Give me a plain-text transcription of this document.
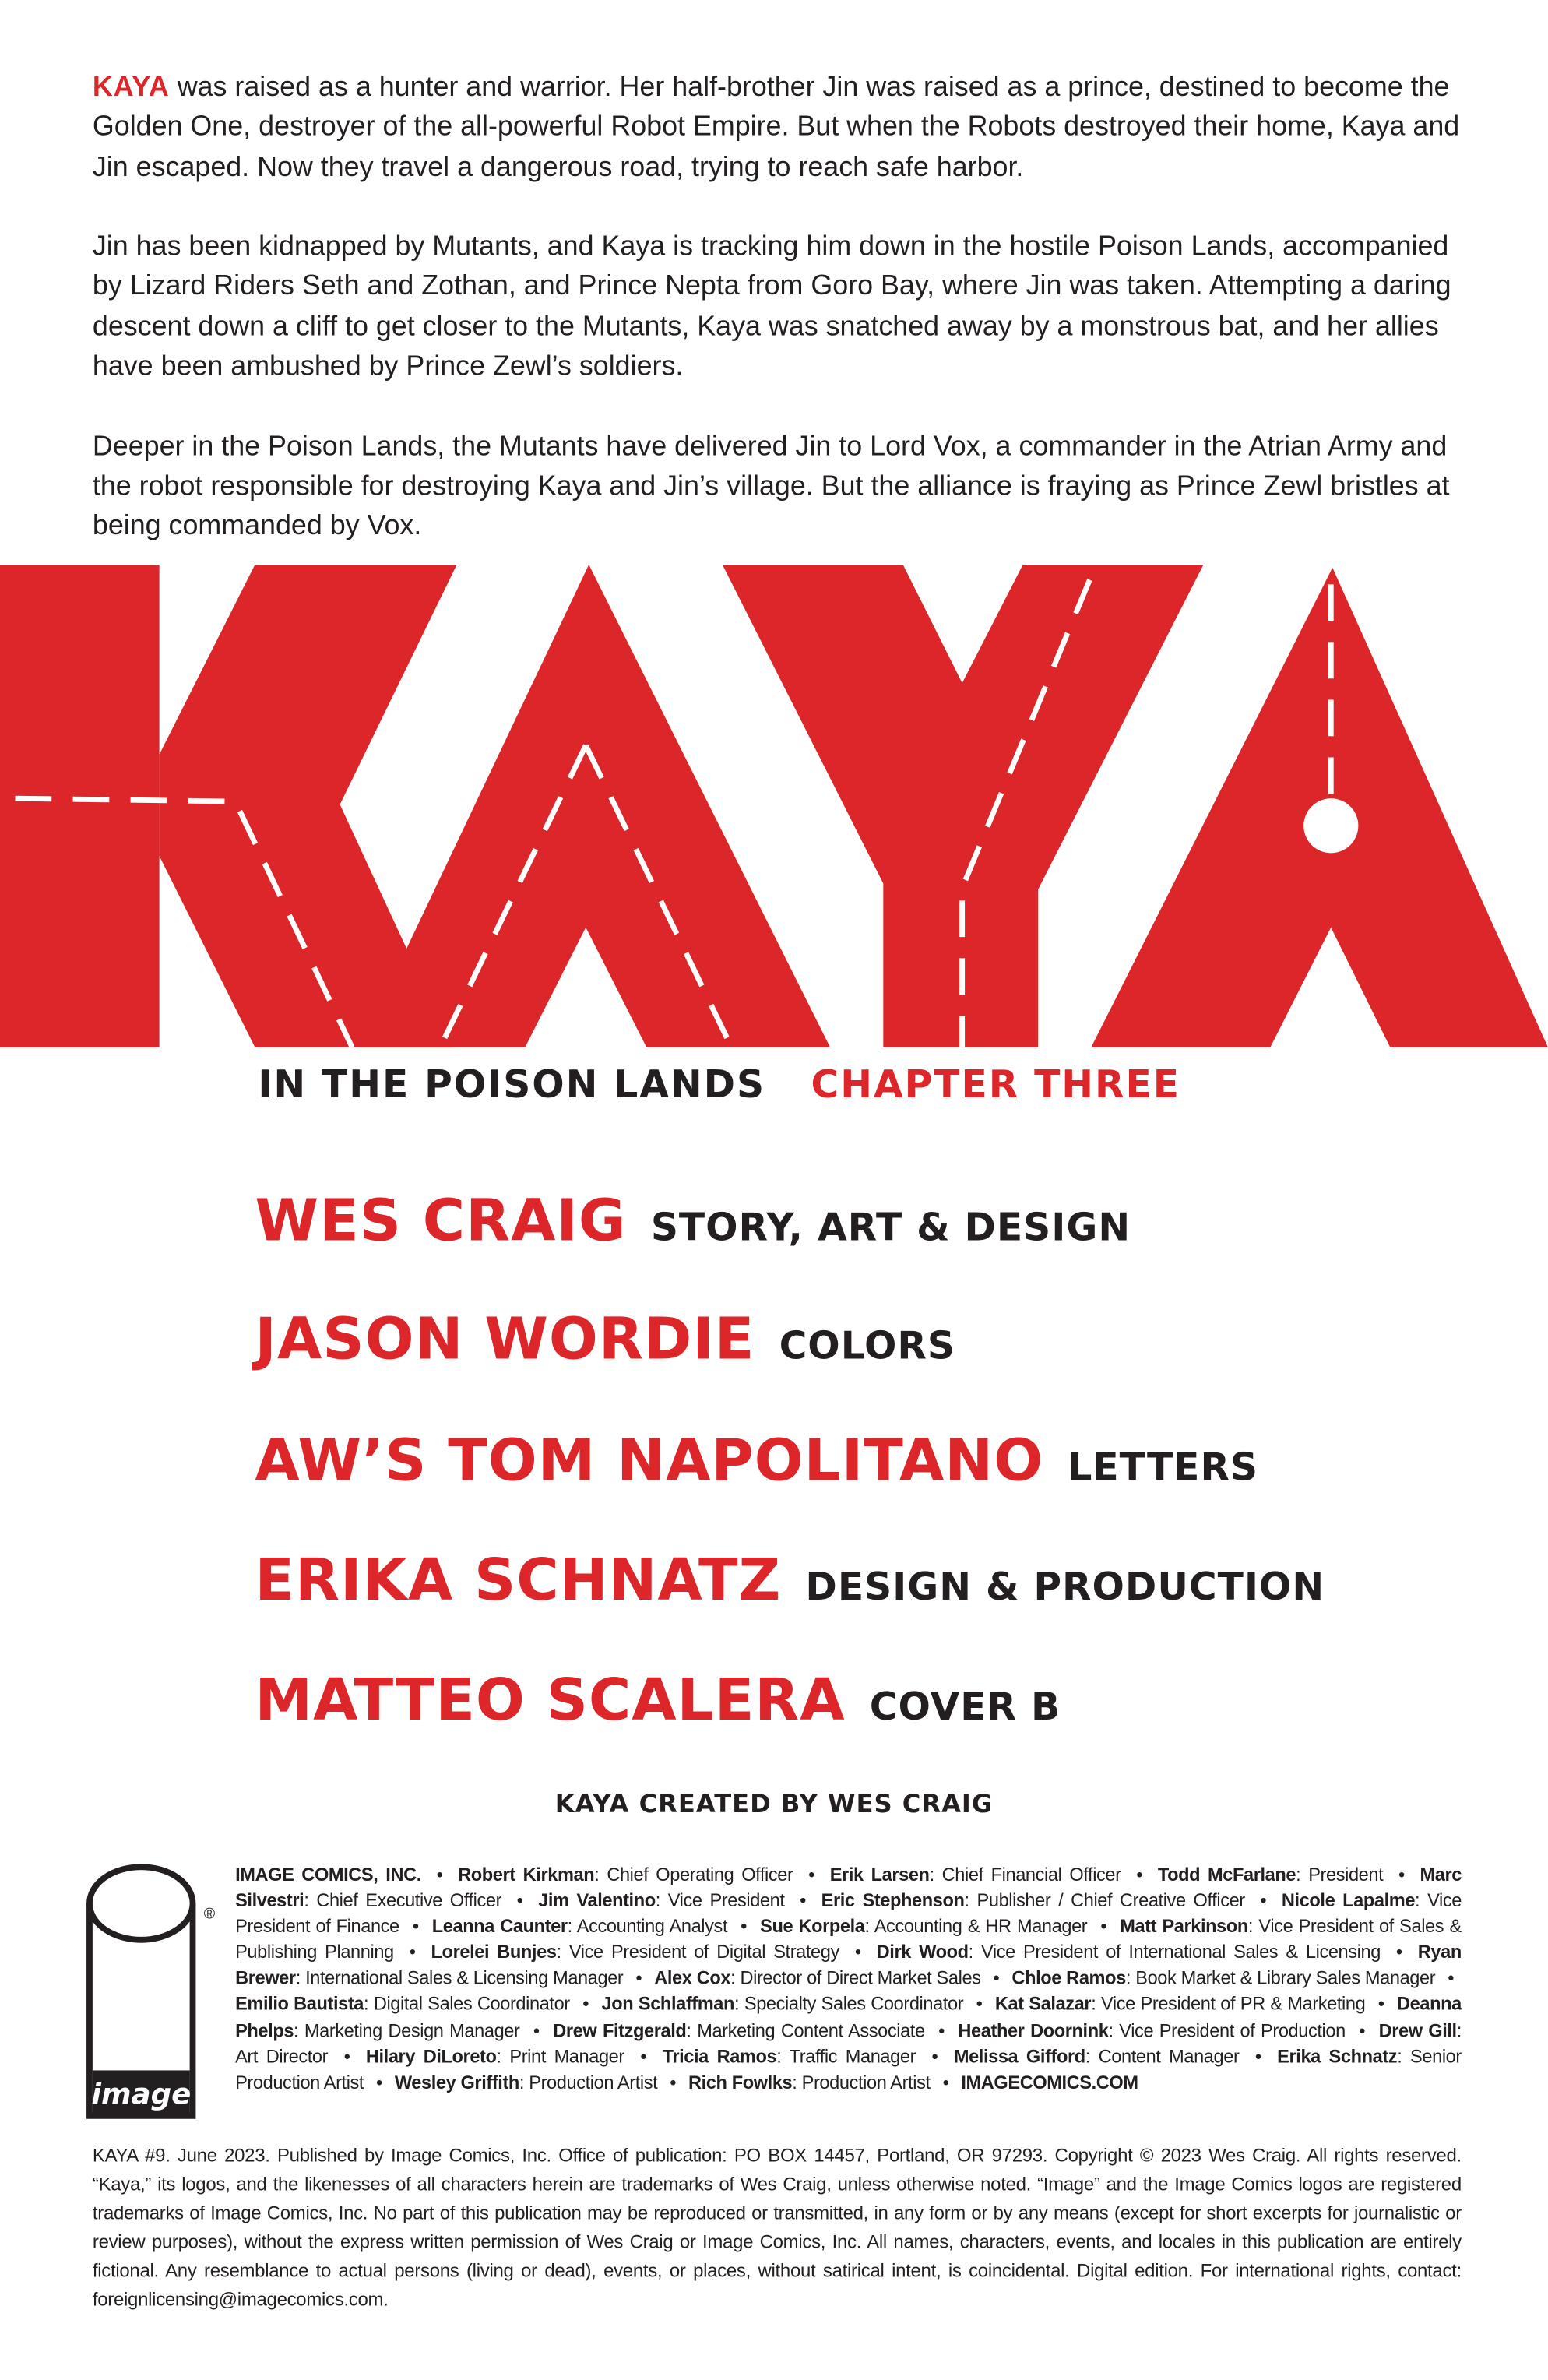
KAYA was raised as a hunter and warrior. Her half-brother Jin was raised as a prince, destined to become the Golden One, destroyer of the all-powerful Robot Empire. But when the Robots destroyed their home, Kaya and Jin escaped. Now they travel a dangerous road, trying to reach safe harbor.

Jin has been kidnapped by Mutants, and Kaya is tracking him down in the hostile Poison Lands, accompanied by Lizard Riders Seth and Zothan, and Prince Nepta from Goro Bay, where Jin was taken. Attempting a daring descent down a cliff to get closer to the Mutants, Kaya was snatched away by a monstrous bat, and her allies have been ambushed by Prince Zewl’s soldiers.

Deeper in the Poison Lands, the Mutants have delivered Jin to Lord Vox, a commander in the Atrian Army and the robot responsible for destroying Kaya and Jin’s village. But the alliance is fraying as Prince Zewl bristles at being commanded by Vox.

IN THE POISON LANDS CHAPTER THREE
WES CRAIG STORY, ART & DESIGN
JASON WORDIE COLORS
AW’S TOM NAPOLITANO LETTERS
ERIKA SCHNATZ DESIGN & PRODUCTION
MATTEO SCALERA COVER B
KAYA CREATED BY WES CRAIG
image
®
IMAGE COMICS, INC. • Robert Kirkman: Chief Operating Officer • Erik Larsen: Chief Financial Officer • Todd McFarlane: President • Marc Silvestri: Chief Executive Officer • Jim Valentino: Vice President • Eric Stephenson: Publisher / Chief Creative Officer • Nicole Lapalme: Vice President of Finance • Leanna Caunter: Accounting Analyst • Sue Korpela: Accounting & HR Manager • Matt Parkinson: Vice President of Sales & Publishing Planning • Lorelei Bunjes: Vice President of Digital Strategy • Dirk Wood: Vice President of International Sales & Licensing • Ryan Brewer: International Sales & Licensing Manager • Alex Cox: Director of Direct Market Sales • Chloe Ramos: Book Market & Library Sales Manager • Emilio Bautista: Digital Sales Coordinator • Jon Schlaffman: Specialty Sales Coordinator • Kat Salazar: Vice President of PR & Marketing • Deanna Phelps: Marketing Design Manager • Drew Fitzgerald: Marketing Content Associate • Heather Doornink: Vice President of Production • Drew Gill: Art Director • Hilary DiLoreto: Print Manager • Tricia Ramos: Traffic Manager • Melissa Gifford: Content Manager • Erika Schnatz: Senior Production Artist • Wesley Griffith: Production Artist • Rich Fowlks: Production Artist • IMAGECOMICS.COM
KAYA #9. June 2023. Published by Image Comics, Inc. Office of publication: PO BOX 14457, Portland, OR 97293. Copyright © 2023 Wes Craig. All rights reserved. “Kaya,” its logos, and the likenesses of all characters herein are trademarks of Wes Craig, unless otherwise noted. “Image” and the Image Comics logos are registered trademarks of Image Comics, Inc. No part of this publication may be reproduced or transmitted, in any form or by any means (except for short excerpts for journalistic or review purposes), without the express written permission of Wes Craig or Image Comics, Inc. All names, characters, events, and locales in this publication are entirely fictional. Any resemblance to actual persons (living or dead), events, or places, without satirical intent, is coincidental. Digital edition. For international rights, contact: foreignlicensing@imagecomics.com.
